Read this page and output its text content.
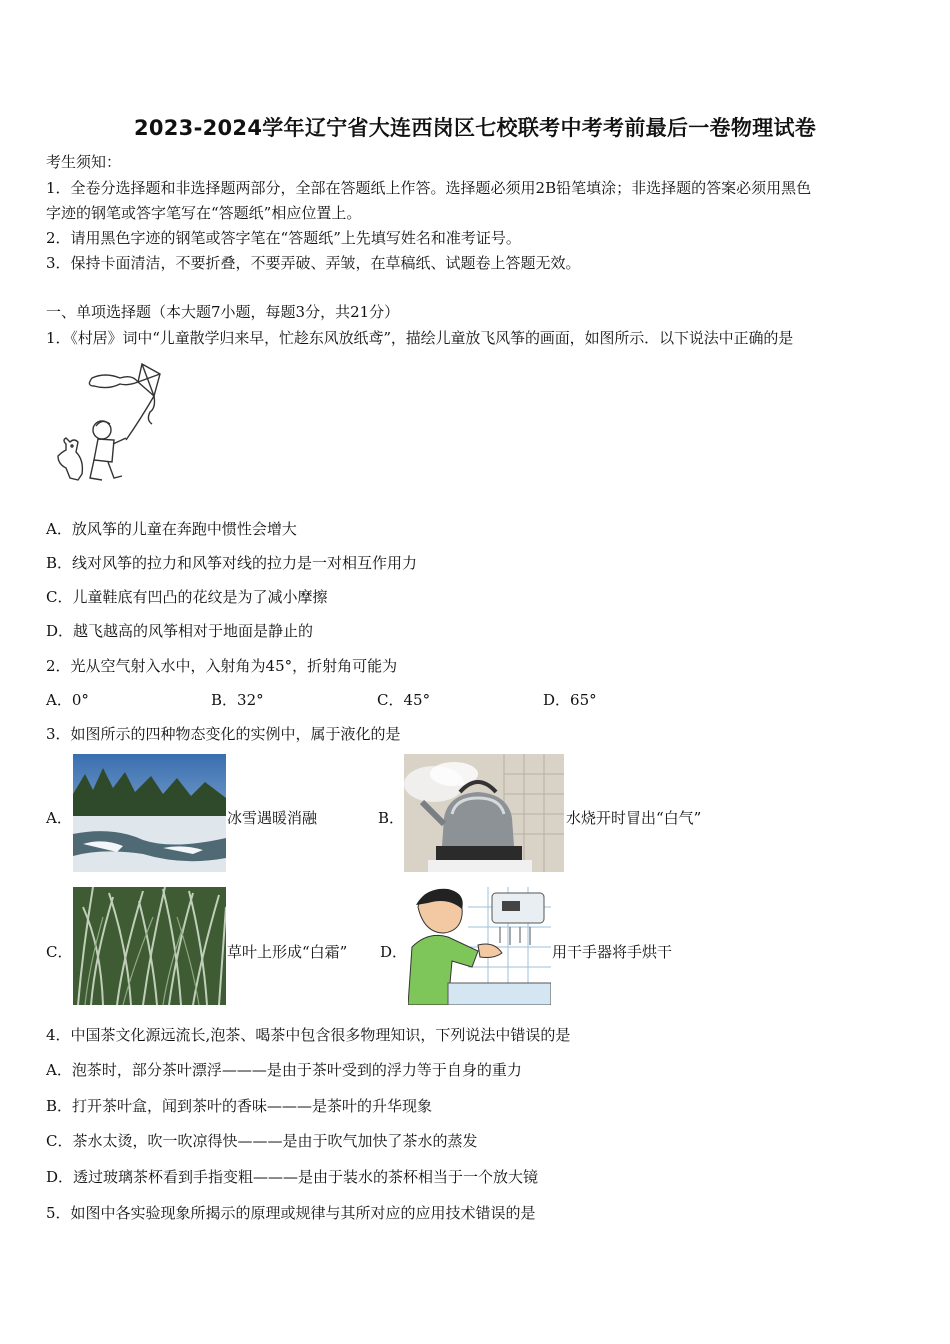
2023-2024学年辽宁省大连西岗区七校联考中考考前最后一卷物理试卷
考生须知：
1．全卷分选择题和非选择题两部分，全部在答题纸上作答。选择题必须用2B铅笔填涂；非选择题的答案必须用黑色
字迹的钢笔或答字笔写在“答题纸”相应位置上。
2．请用黑色字迹的钢笔或答字笔在“答题纸”上先填写姓名和准考证号。
3．保持卡面清洁，不要折叠，不要弄破、弄皱，在草稿纸、试题卷上答题无效。
一、单项选择题（本大题7小题，每题3分，共21分）
1．《村居》词中“儿童散学归来早，忙趁东风放纸鸢”，描绘儿童放飞风筝的画面，如图所示．以下说法中正确的是
A．放风筝的儿童在奔跑中惯性会增大
B．线对风筝的拉力和风筝对线的拉力是一对相互作用力
C．儿童鞋底有凹凸的花纹是为了减小摩擦
D．越飞越高的风筝相对于地面是静止的
2．光从空气射入水中，入射角为45°，折射角可能为
A．0°	B．32°	C．45°	D．65°
3．如图所示的四种物态变化的实例中，属于液化的是
A．	冰雪遇暖消融	B．	水烧开时冒出“白气”
C．	草叶上形成“白霜” D．	用干手器将手烘干
4．中国茶文化源远流长,泡茶、喝茶中包含很多物理知识，下列说法中错误的是
A．泡茶时，部分茶叶漂浮———是由于茶叶受到的浮力等于自身的重力
B．打开茶叶盒，闻到茶叶的香味———是茶叶的升华现象
C．茶水太烫，吹一吹凉得快———是由于吹气加快了茶水的蒸发
D．透过玻璃茶杯看到手指变粗———是由于装水的茶杯相当于一个放大镜
5．如图中各实验现象所揭示的原理或规律与其所对应的应用技术错误的是
